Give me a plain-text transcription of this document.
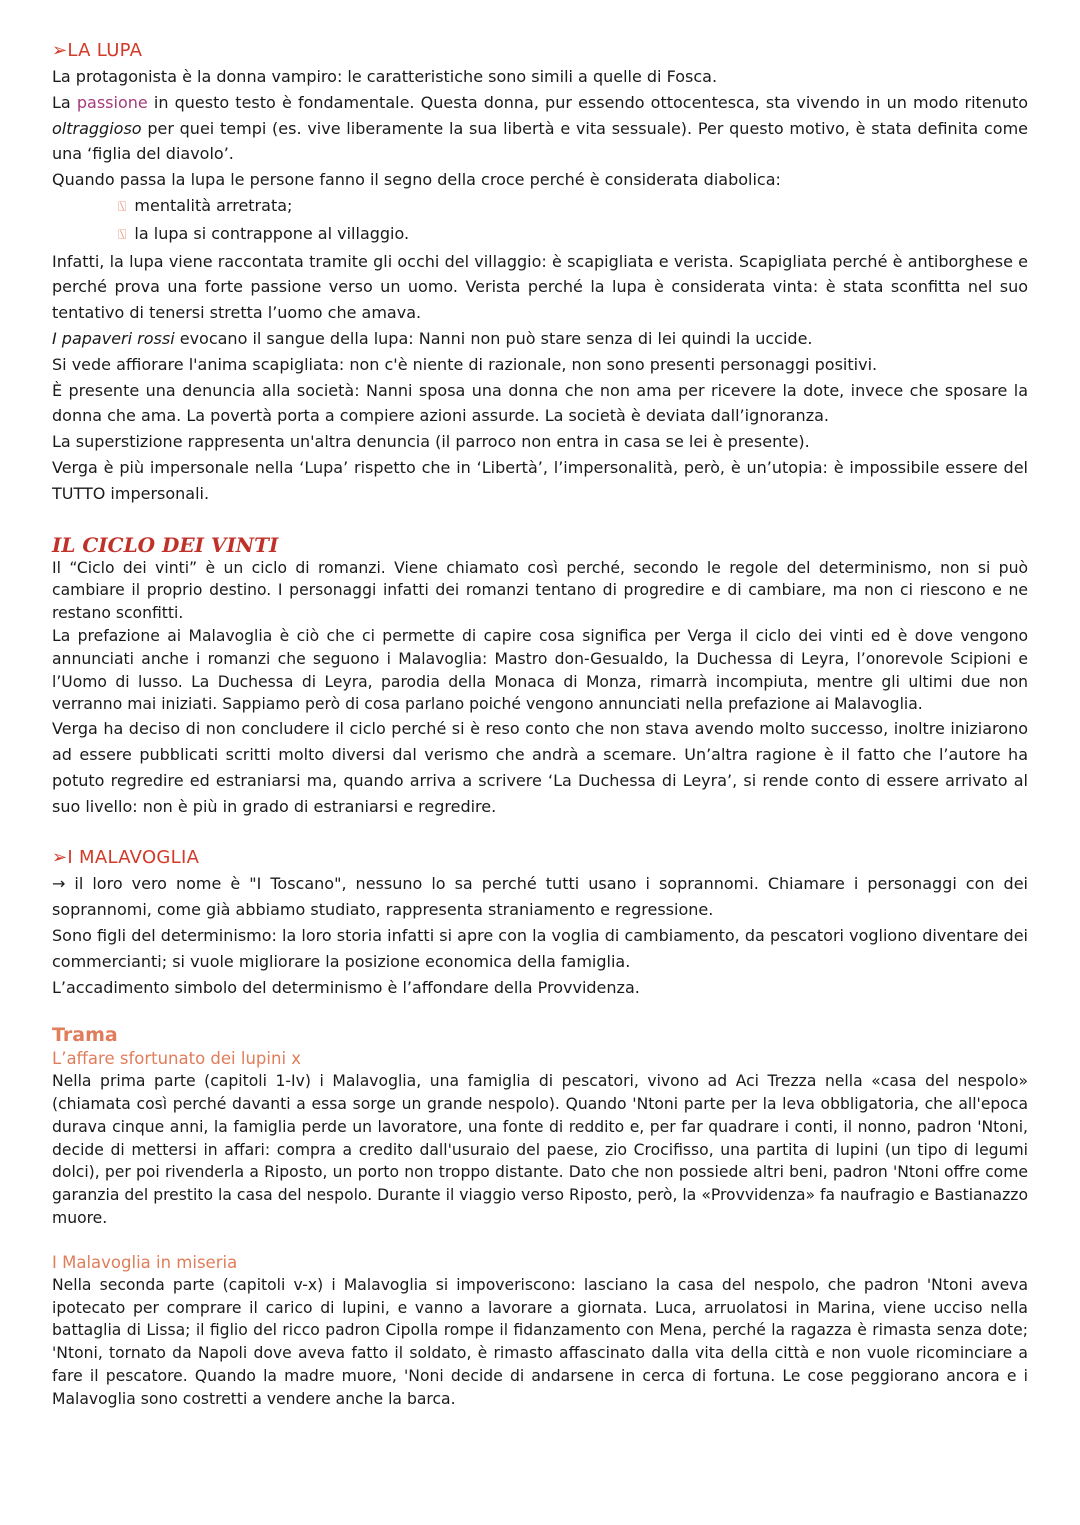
➢LA LUPA

La protagonista è la donna vampiro: le caratteristiche sono simili a quelle di Fosca.

La passione in questo testo è fondamentale. Questa donna, pur essendo ottocentesca, sta vivendo in un modo ritenuto oltraggioso per quei tempi (es. vive liberamente la sua libertà e vita sessuale). Per questo motivo, è stata definita come una ‘figlia del diavolo’.

Quando passa la lupa le persone fanno il segno della croce perché è considerata diabolica:

⍂ mentalità arretrata;

⍂ la lupa si contrappone al villaggio.

Infatti, la lupa viene raccontata tramite gli occhi del villaggio: è scapigliata e verista. Scapigliata perché è antiborghese e perché prova una forte passione verso un uomo. Verista perché la lupa è considerata vinta: è stata sconfitta nel suo tentativo di tenersi stretta l’uomo che amava.

I papaveri rossi evocano il sangue della lupa: Nanni non può stare senza di lei quindi la uccide.

Si vede affiorare l'anima scapigliata: non c'è niente di razionale, non sono presenti personaggi positivi.

È presente una denuncia alla società: Nanni sposa una donna che non ama per ricevere la dote, invece che sposare la donna che ama. La povertà porta a compiere azioni assurde. La società è deviata dall’ignoranza.

La superstizione rappresenta un'altra denuncia (il parroco non entra in casa se lei è presente).

Verga è più impersonale nella ‘Lupa’ rispetto che in ‘Libertà’, l’impersonalità, però, è un’utopia: è impossibile essere del TUTTO impersonali.

IL CICLO DEI VINTI

Il “Ciclo dei vinti” è un ciclo di romanzi. Viene chiamato così perché, secondo le regole del determinismo, non si può cambiare il proprio destino. I personaggi infatti dei romanzi tentano di progredire e di cambiare, ma non ci riescono e ne restano sconfitti.

La prefazione ai Malavoglia è ciò che ci permette di capire cosa significa per Verga il ciclo dei vinti ed è dove vengono annunciati anche i romanzi che seguono i Malavoglia: Mastro don-Gesualdo, la Duchessa di Leyra, l’onorevole Scipioni e l’Uomo di lusso. La Duchessa di Leyra, parodia della Monaca di Monza, rimarrà incompiuta, mentre gli ultimi due non verranno mai iniziati. Sappiamo però di cosa parlano poiché vengono annunciati nella prefazione ai Malavoglia.

Verga ha deciso di non concludere il ciclo perché si è reso conto che non stava avendo molto successo, inoltre iniziarono ad essere pubblicati scritti molto diversi dal verismo che andrà a scemare. Un’altra ragione è il fatto che l’autore ha potuto regredire ed estraniarsi ma, quando arriva a scrivere ‘La Duchessa di Leyra’, si rende conto di essere arrivato al suo livello: non è più in grado di estraniarsi e regredire.

➢I MALAVOGLIA

→ il loro vero nome è "I Toscano", nessuno lo sa perché tutti usano i soprannomi. Chiamare i personaggi con dei soprannomi, come già abbiamo studiato, rappresenta straniamento e regressione.

Sono figli del determinismo: la loro storia infatti si apre con la voglia di cambiamento, da pescatori vogliono diventare dei commercianti; si vuole migliorare la posizione economica della famiglia.

L’accadimento simbolo del determinismo è l’affondare della Provvidenza.

Trama
L’affare sfortunato dei lupini x

Nella prima parte (capitoli 1-Iv) i Malavoglia, una famiglia di pescatori, vivono ad Aci Trezza nella «casa del nespolo» (chiamata così perché davanti a essa sorge un grande nespolo). Quando 'Ntoni parte per la leva obbligatoria, che all'epoca durava cinque anni, la famiglia perde un lavoratore, una fonte di reddito e, per far quadrare i conti, il nonno, padron 'Ntoni, decide di mettersi in affari: compra a credito dall'usuraio del paese, zio Crocifisso, una partita di lupini (un tipo di legumi dolci), per poi rivenderla a Riposto, un porto non troppo distante. Dato che non possiede altri beni, padron 'Ntoni offre come garanzia del prestito la casa del nespolo. Durante il viaggio verso Riposto, però, la «Provvidenza» fa naufragio e Bastianazzo muore.

I Malavoglia in miseria

Nella seconda parte (capitoli v-x) i Malavoglia si impoveriscono: lasciano la casa del nespolo, che padron 'Ntoni aveva ipotecato per comprare il carico di lupini, e vanno a lavorare a giornata. Luca, arruolatosi in Marina, viene ucciso nella battaglia di Lissa; il figlio del ricco padron Cipolla rompe il fidanzamento con Mena, perché la ragazza è rimasta senza dote; 'Ntoni, tornato da Napoli dove aveva fatto il soldato, è rimasto affascinato dalla vita della città e non vuole ricominciare a fare il pescatore. Quando la madre muore, 'Noni decide di andarsene in cerca di fortuna. Le cose peggiorano ancora e i Malavoglia sono costretti a vendere anche la barca.
